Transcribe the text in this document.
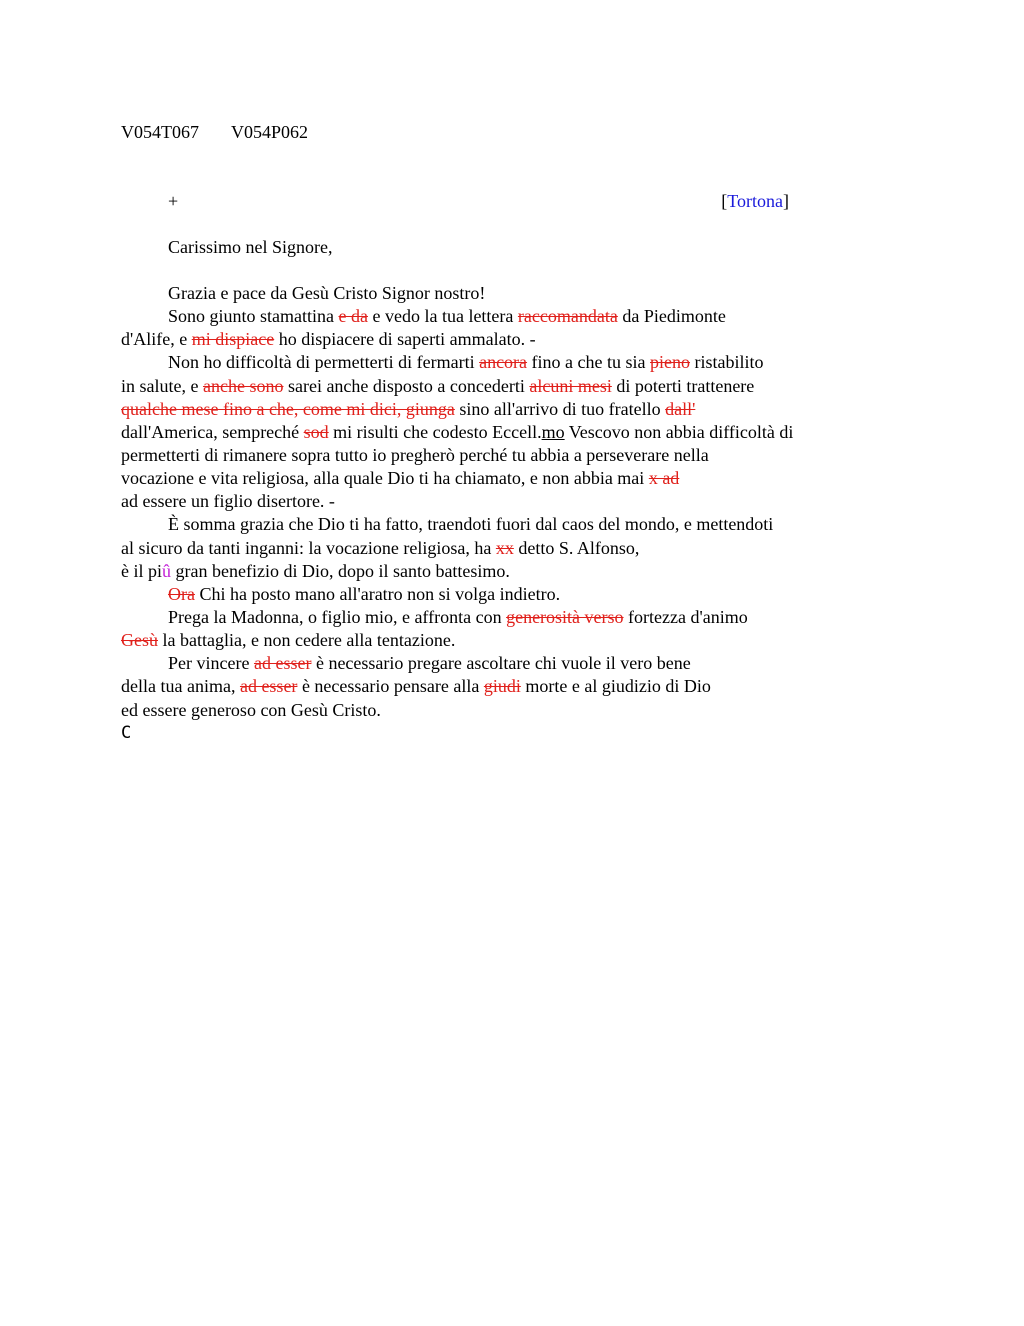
V054T067 V054P062
+	[Tortona]
Carissimo nel Signore,
Grazia e pace da Gesù Cristo Signor nostro!
Sono giunto stamattina e da e vedo la tua lettera raccomandata da Piedimonte
d'Alife, e mi dispiace ho dispiacere di saperti ammalato. -
Non ho difficoltà di permetterti di fermarti ancora fino a che tu sia pieno ristabilito
in salute, e anche sono sarei anche disposto a concederti alcuni mesi di poterti trattenere
qualche mese fino a che, come mi dici, giunga sino all'arrivo di tuo fratello dall'
dall'America, sempreché sod mi risulti che codesto Eccell.mo Vescovo non abbia difficoltà di
permetterti di rimanere sopra tutto io pregherò perché tu abbia a perseverare nella
vocazione e vita religiosa, alla quale Dio ti ha chiamato, e non abbia mai x ad
ad essere un figlio disertore. -
È somma grazia che Dio ti ha fatto, traendoti fuori dal caos del mondo, e mettendoti
al sicuro da tanti inganni: la vocazione religiosa, ha xx detto S. Alfonso,
è il piû gran benefizio di Dio, dopo il santo battesimo.
Ora Chi ha posto mano all'aratro non si volga indietro.
Prega la Madonna, o figlio mio, e affronta con generosità verso fortezza d'animo
Gesù la battaglia, e non cedere alla tentazione.
Per vincere ad esser è necessario pregare ascoltare chi vuole il vero bene
della tua anima, ad esser è necessario pensare alla giudi morte e al giudizio di Dio
ed essere generoso con Gesù Cristo.
C
